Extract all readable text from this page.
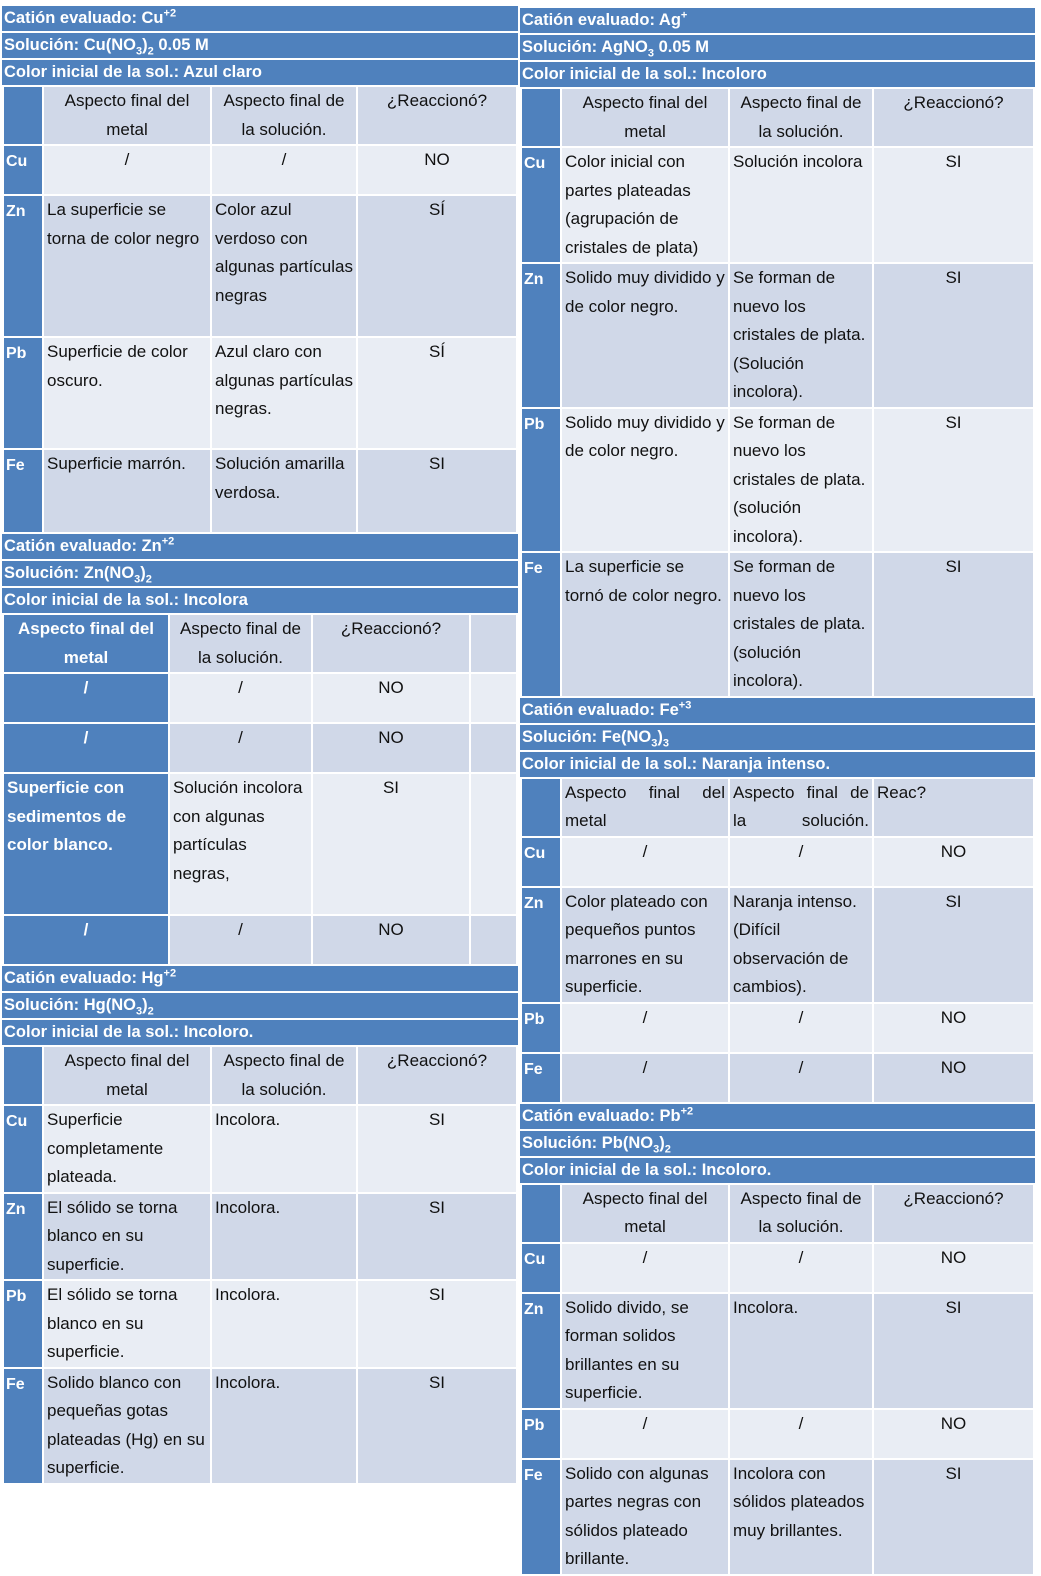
Catión evaluado: $Cu^{+2}$
Solución: $Cu(NO_3)_2$ 0.05 M
Color inicial de la sol.: Azul claro
	Aspecto final del metal	Aspecto final de la solución.	¿Reaccionó?
Cu	/	/	NO
Zn	La superficie se torna de color negro	Color azul verdoso con algunas partículas negras	SÍ
Pb	Superficie de color oscuro.	Azul claro con algunas partículas negras.	SÍ
Fe	Superficie marrón.	Solución amarilla verdosa.	SI
Catión evaluado: $Zn^{+2}$
Solución: $Zn(NO_3)_2$
Color inicial de la sol.: Incolora
Aspecto final del metal	Aspecto final de la solución.	¿Reaccionó?	
/	/	NO	
/	/	NO	
Superficie con sedimentos de color blanco.	Solución incolora con algunas partículas negras,	SI	
/	/	NO	
Catión evaluado: $Hg^{+2}$
Solución: $Hg(NO_3)_2$
Color inicial de la sol.: Incoloro.
	Aspecto final del metal	Aspecto final de la solución.	¿Reaccionó?
Cu	Superficie completamente plateada.	Incolora.	SI
Zn	El sólido se torna blanco en su superficie.	Incolora.	SI
Pb	El sólido se torna blanco en su superficie.	Incolora.	SI
Fe	Solido blanco con pequeñas gotas plateadas (Hg) en su superficie.	Incolora.	SI
Catión evaluado: Ag+
Solución: AgNO$_3$ 0.05 M
Color inicial de la sol.: Incoloro
	Aspecto final del metal	Aspecto final de la solución.	¿Reaccionó?
Cu	Color inicial con partes plateadas (agrupación de cristales de plata)	Solución incolora	SI
Zn	Solido muy dividido y de color negro.	Se forman de nuevo los cristales de plata. (Solución incolora).	SI
Pb	Solido muy dividido y de color negro.	Se forman de nuevo los cristales de plata. (solución incolora).	SI
Fe	La superficie se tornó de color negro.	Se forman de nuevo los cristales de plata. (solución incolora).	SI
Catión evaluado: $Fe^{+3}$
Solución: $Fe(NO_3)_3$
Color inicial de la sol.: Naranja intenso.
	Aspecto final del metal	Aspecto final de la solución.	Reac?
Cu	/	/	NO
Zn	Color plateado con pequeños puntos marrones en su superficie.	Naranja intenso. (Difícil observación de cambios).	SI
Pb	/	/	NO
Fe	/	/	NO
Catión evaluado: $Pb^{+2}$
Solución: $Pb(NO_3)_2$
Color inicial de la sol.: Incoloro.
	Aspecto final del metal	Aspecto final de la solución.	¿Reaccionó?
Cu	/	/	NO
Zn	Solido divido, se forman solidos brillantes en su superficie.	Incolora.	SI
Pb	/	/	NO
Fe	Solido con algunas partes negras con sólidos plateado brillante.	Incolora con sólidos plateados muy brillantes.	SI
